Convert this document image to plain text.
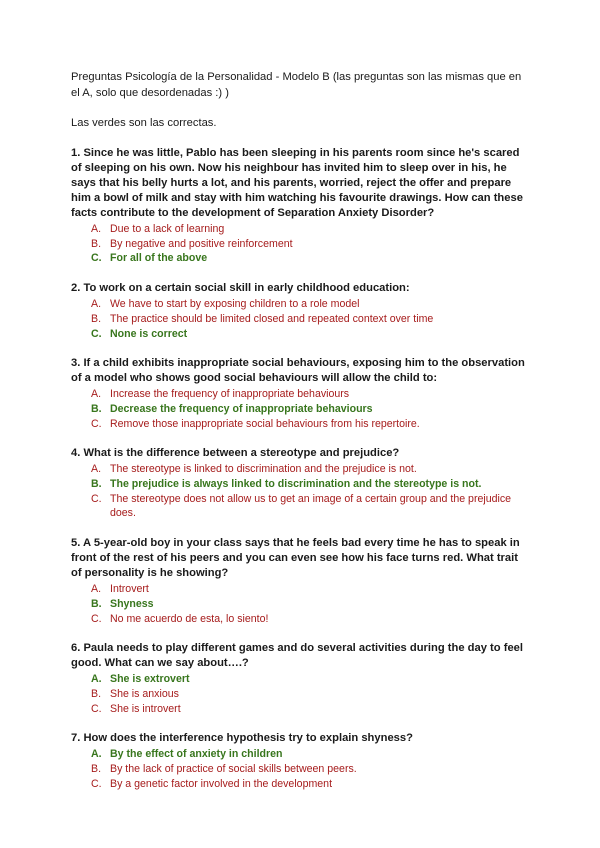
Preguntas Psicología de la Personalidad - Modelo B (las preguntas son las mismas que en el A, solo que desordenadas :) )

Las verdes son las correctas.

1. Since he was little, Pablo has been sleeping in his parents room since he's scared of sleeping on his own. Now his neighbour has invited him to sleep over in his, he says that his belly hurts a lot, and his parents, worried, reject the offer and prepare him a bowl of milk and stay with him watching his favourite drawings. How can these facts contribute to the development of Separation Anxiety Disorder?

A. Due to a lack of learning
B. By negative and positive reinforcement
C. For all of the above

2. To work on a certain social skill in early childhood education:

A. We have to start by exposing children to a role model
B. The practice should be limited closed and repeated context over time
C. None is correct

3. If a child exhibits inappropriate social behaviours, exposing him to the observation of a model who shows good social behaviours will allow the child to:

A. Increase the frequency of inappropriate behaviours
B. Decrease the frequency of inappropriate behaviours
C. Remove those inappropriate social behaviours from his repertoire.

4. What is the difference between a stereotype and prejudice?

A. The stereotype is linked to discrimination and the prejudice is not.
B. The prejudice is always linked to discrimination and the stereotype is not.
C. The stereotype does not allow us to get an image of a certain group and the prejudice does.

5. A 5-year-old boy in your class says that he feels bad every time he has to speak in front of the rest of his peers and you can even see how his face turns red. What trait of personality is he showing?

A. Introvert
B. Shyness
C. No me acuerdo de esta, lo siento!

6. Paula needs to play different games and do several activities during the day to feel good. What can we say about….?

A. She is extrovert
B. She is anxious
C. She is introvert

7. How does the interference hypothesis try to explain shyness?

A. By the effect of anxiety in children
B. By the lack of practice of social skills between peers.
C. By a genetic factor involved in the development
